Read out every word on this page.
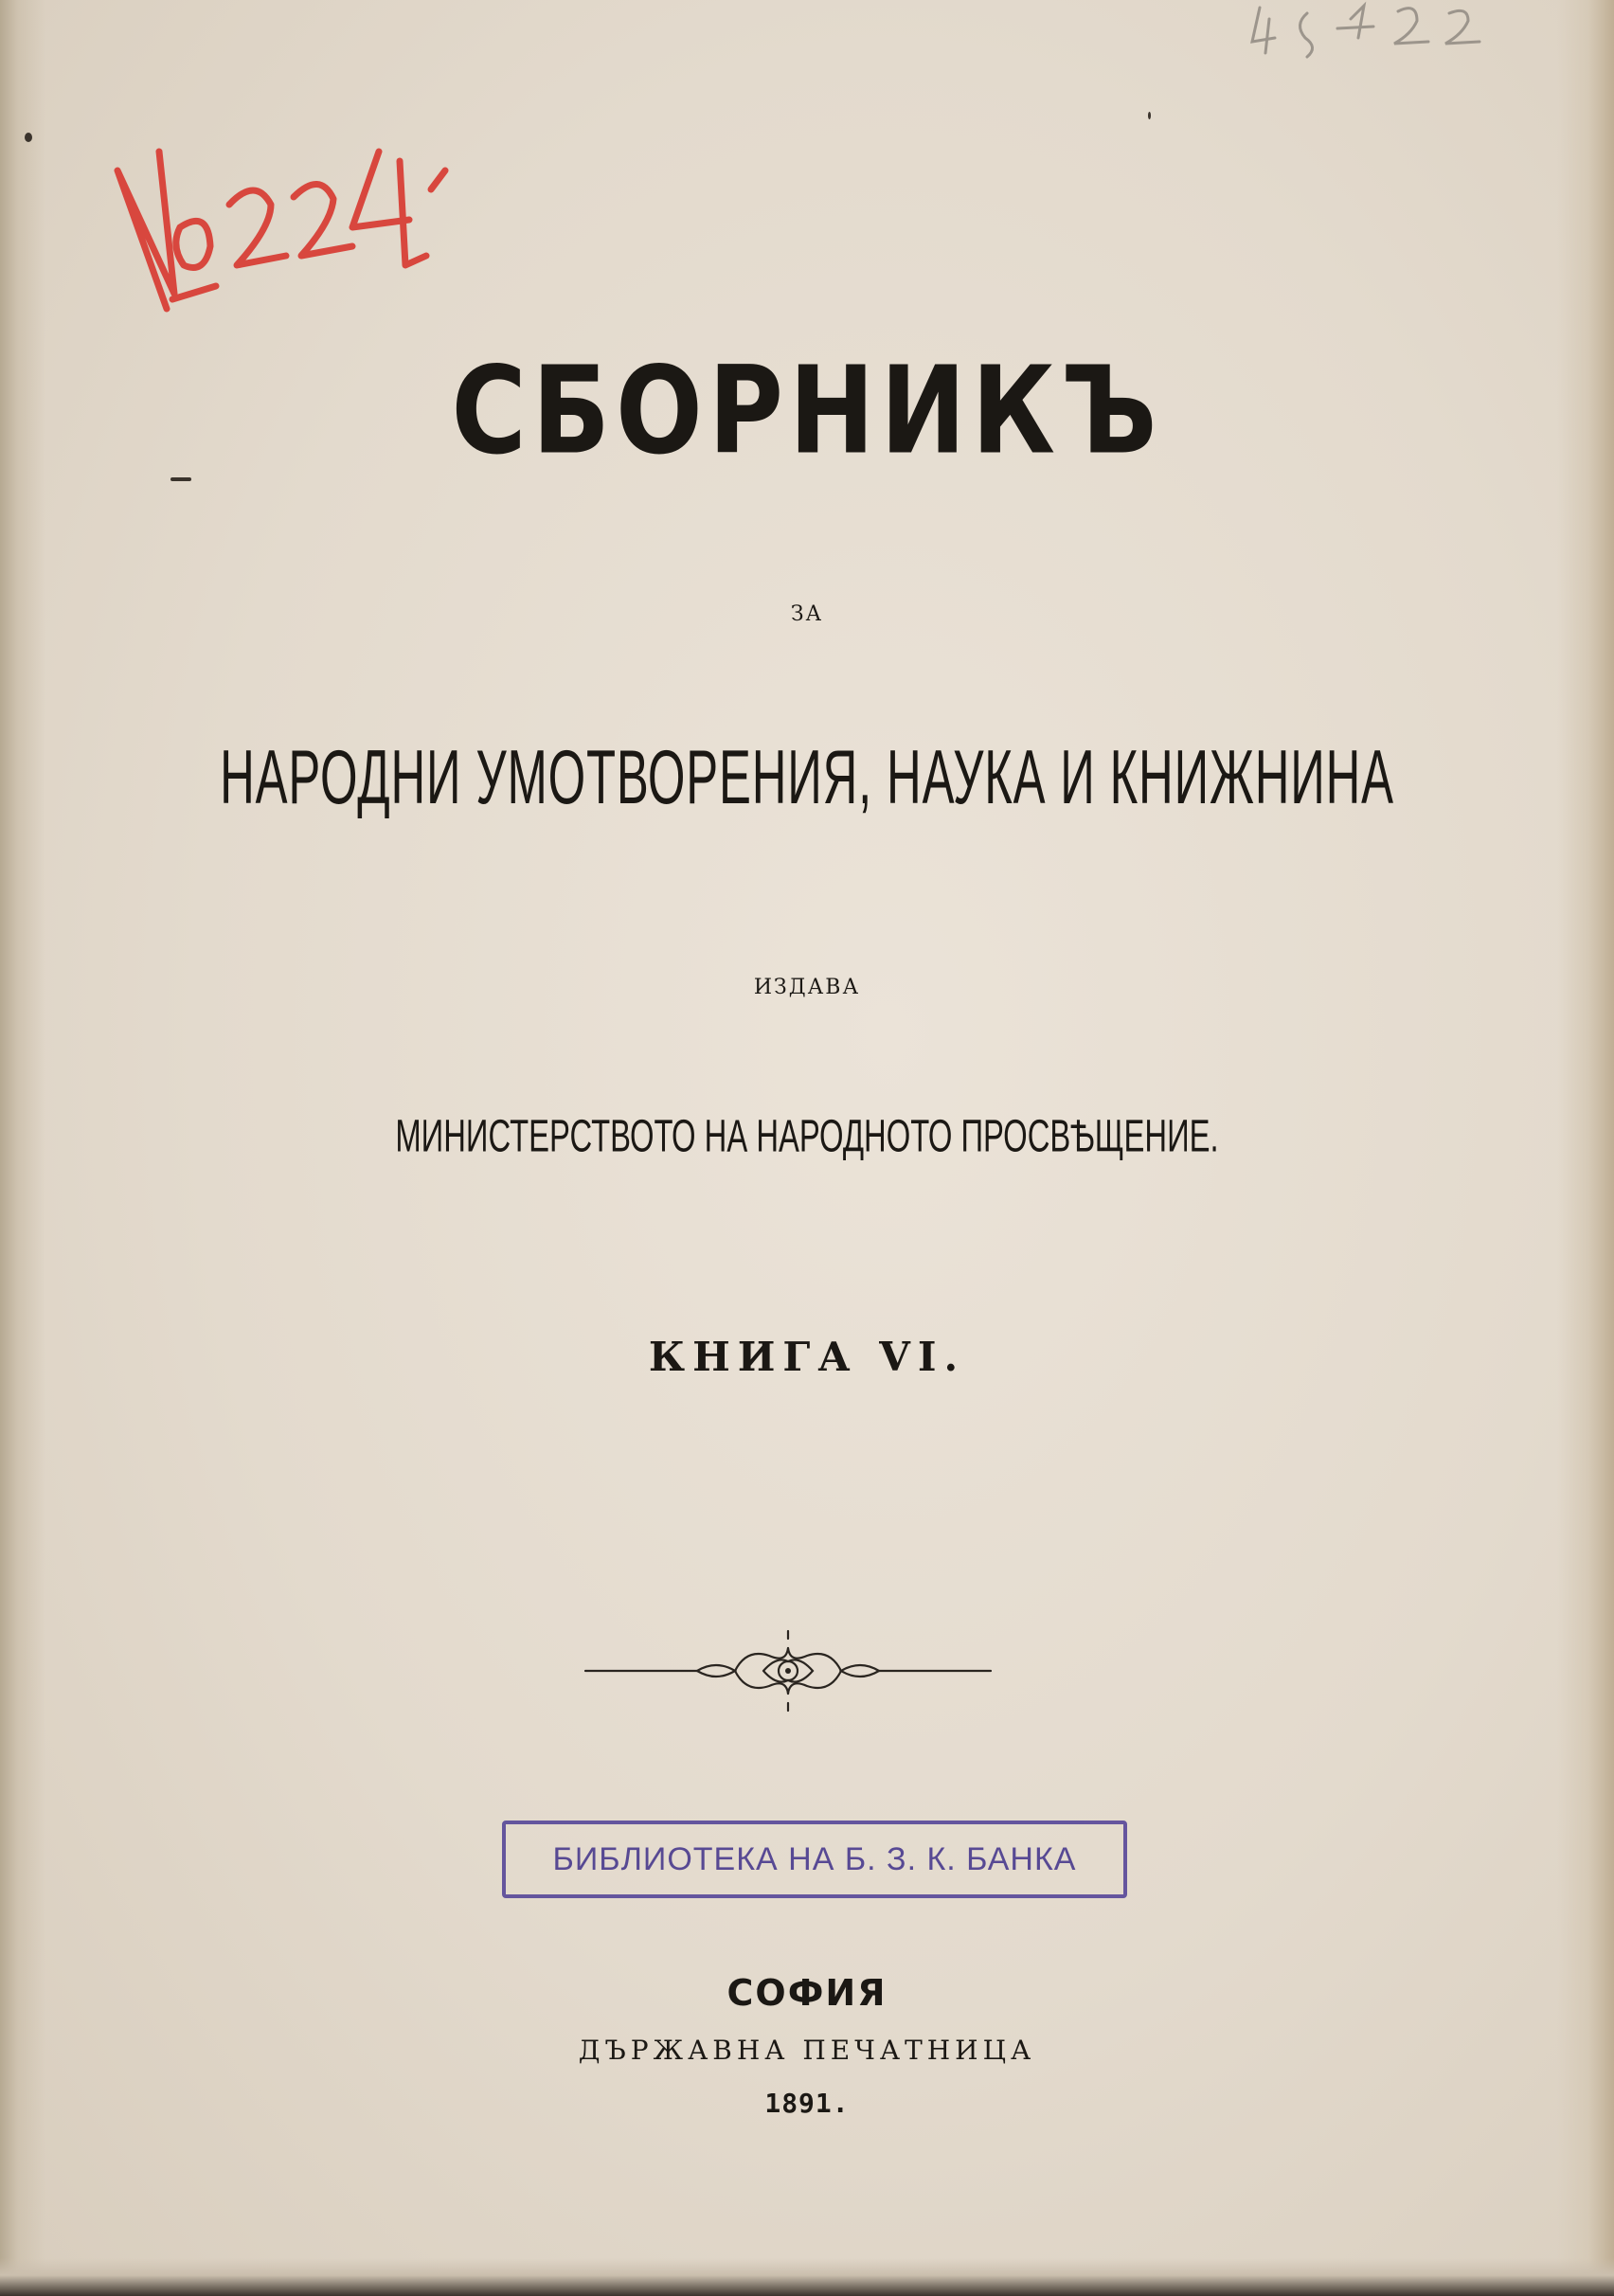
СБОРНИКЪ
ЗА
НАРОДНИ УМОТВОРЕНИЯ, НАУКА И КНИЖНИНА
ИЗДАВА
МИНИСТЕРСТВОТО НА НАРОДНОТО ПРОСВѢЩЕНИЕ.
КНИГА VI.
БИБЛИОТЕКА НА Б. З. К. БАНКА
СОФИЯ
ДЪРЖАВНА ПЕЧАТНИЦА
1891.
